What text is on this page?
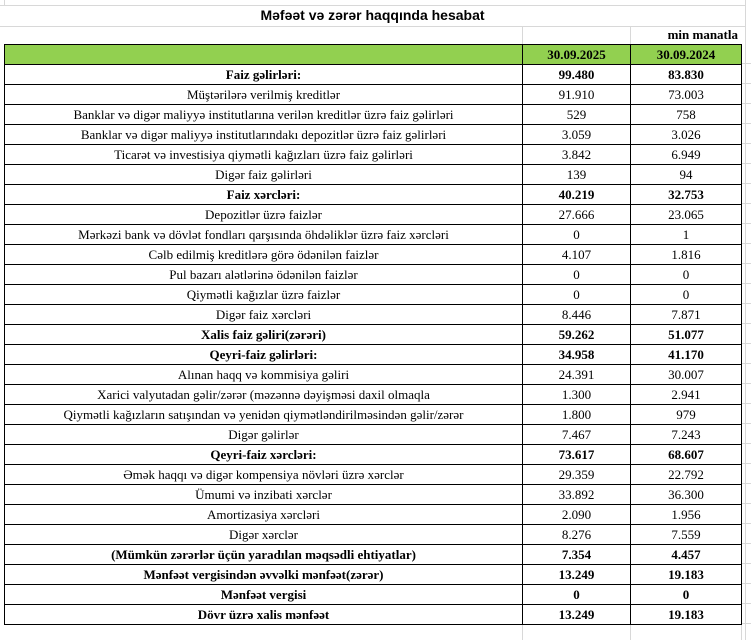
Məfəət və zərər haqqında hesabat
min manatla
	30.09.2025	30.09.2024
Faiz gəlirləri:	99.480	83.830
Müştərilərə verilmiş kreditlər	91.910	73.003
Banklar və digər maliyyə institutlarına verilən kreditlər üzrə faiz gəlirləri	529	758
Banklar və digər maliyyə institutlarındakı depozitlər üzrə faiz gəlirləri	3.059	3.026
Ticarət və investisiya qiymətli kağızları üzrə faiz gəlirləri	3.842	6.949
Digər faiz gəlirləri	139	94
Faiz xərcləri:	40.219	32.753
Depozitlər üzrə faizlər	27.666	23.065
Mərkəzi bank və dövlət fondları qarşısında öhdəliklər üzrə faiz xərcləri	0	1
Cəlb edilmiş kreditlərə görə ödənilən faizlər	4.107	1.816
Pul bazarı alətlərinə ödənilən faizlər	0	0
Qiymətli kağızlar üzrə faizlər	0	0
Digər faiz xərcləri	8.446	7.871
Xalis faiz gəliri(zərəri)	59.262	51.077
Qeyri-faiz gəlirləri:	34.958	41.170
Alınan haqq və kommisiya gəliri	24.391	30.007
Xarici valyutadan gəlir/zərər (məzənnə dəyişməsi daxil olmaqla	1.300	2.941
Qiymətli kağızların satışından və yenidən qiymətləndirilməsindən gəlir/zərər	1.800	979
Digər gəlirlər	7.467	7.243
Qeyri-faiz xərcləri:	73.617	68.607
Əmək haqqı və digər kompensiya növləri üzrə xərclər	29.359	22.792
Ümumi və inzibati xərclər	33.892	36.300
Amortizasiya xərcləri	2.090	1.956
Digər xərclər	8.276	7.559
(Mümkün zərərlər üçün yaradılan məqsədli ehtiyatlar)	7.354	4.457
Mənfəət vergisindən əvvəlki mənfəət(zərər)	13.249	19.183
Mənfəət vergisi	0	0
Dövr üzrə xalis mənfəət	13.249	19.183
